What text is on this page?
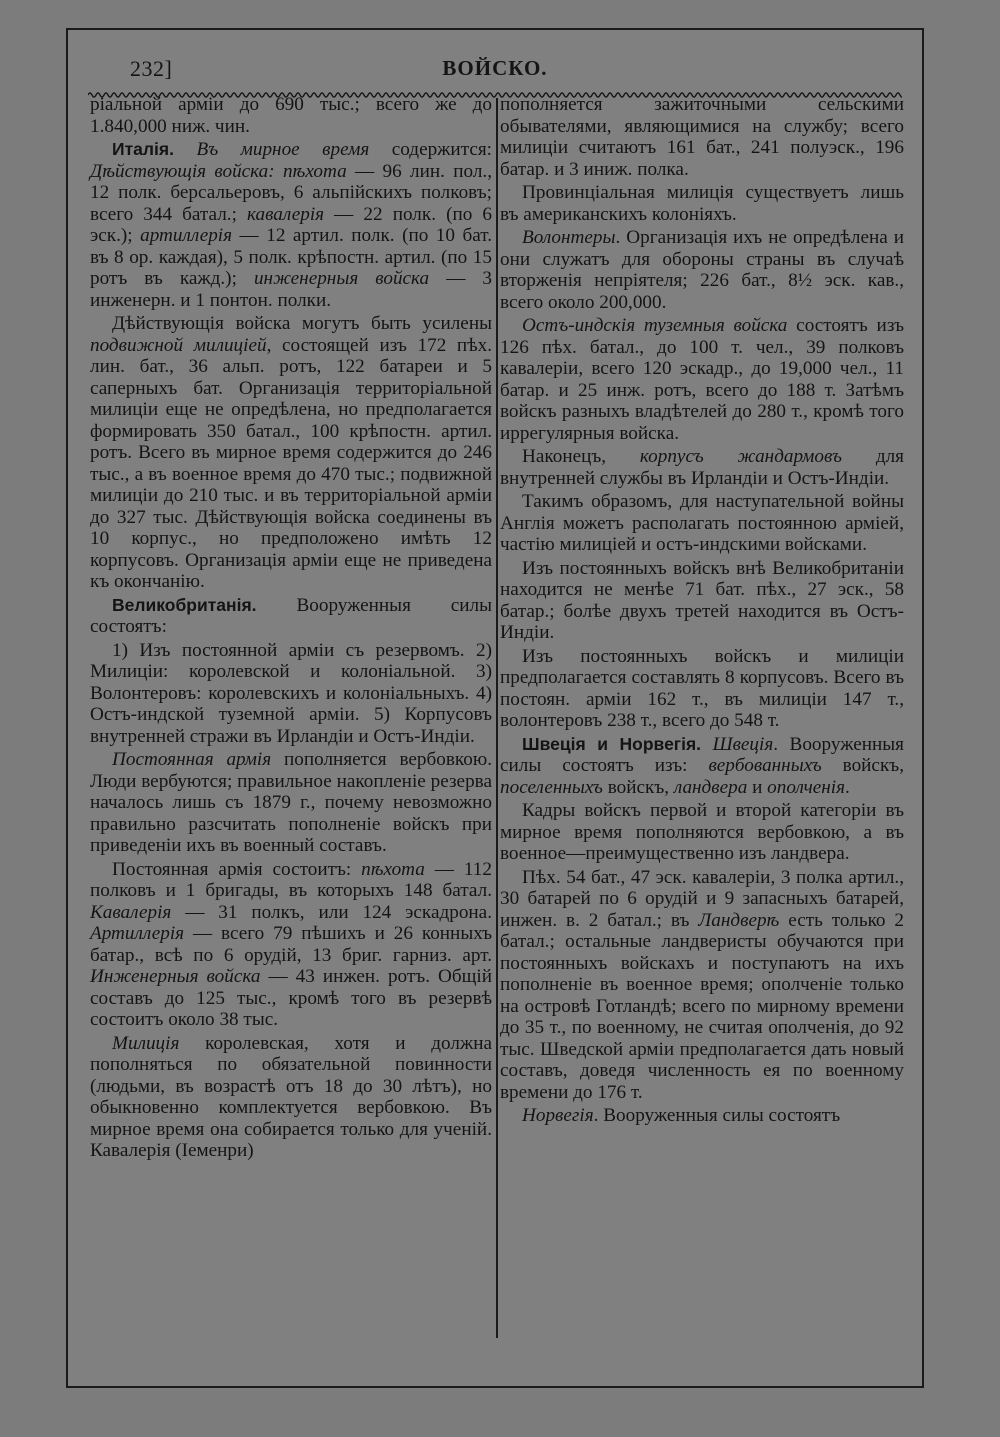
232]	ВОЙСКО.

ріальной арміи до 690 тыс.; всего же до 1.840,000 ниж. чин.

Италія. Въ мирное время содержится: Дѣйствующія войска: пѣхота — 96 лин. пол., 12 полк. берсальеровъ, 6 альпійскихъ полковъ; всего 344 батал.; кавалерія — 22 полк. (по 6 эск.); артиллерія — 12 артил. полк. (по 10 бат. въ 8 ор. каждая), 5 полк. крѣпостн. артил. (по 15 ротъ въ кажд.); инженерныя войска — 3 инженерн. и 1 понтон. полки.

Дѣйствующія войска могутъ быть усилены подвижной милиціей, состоящей изъ 172 пѣх. лин. бат., 36 альп. ротъ, 122 батареи и 5 саперныхъ бат. Организація территоріальной милиціи еще не опредѣлена, но предполагается формировать 350 батал., 100 крѣпостн. артил. ротъ. Всего въ мирное время содержится до 246 тыс., а въ военное время до 470 тыс.; подвижной милиціи до 210 тыс. и въ территоріальной арміи до 327 тыс. Дѣйствующія войска соединены въ 10 корпус., но предположено имѣть 12 корпусовъ. Организація арміи еще не приведена къ окончанію.

Великобританія. Вооруженныя силы состоятъ:

1) Изъ постоянной арміи съ резервомъ. 2) Милиціи: королевской и колоніальной. 3) Волонтеровъ: королевскихъ и колоніальныхъ. 4) Остъ-индской туземной арміи. 5) Корпусовъ внутренней стражи въ Ирландіи и Остъ-Индіи.

Постоянная армія пополняется вербовкою. Люди вербуются; правильное накопленіе резерва началось лишь съ 1879 г., почему невозможно правильно разсчитать пополненіе войскъ при приведеніи ихъ въ военный составъ.

Постоянная армія состоитъ: пѣхота — 112 полковъ и 1 бригады, въ которыхъ 148 батал. Кавалерія — 31 полкъ, или 124 эскадрона. Артиллерія — всего 79 пѣшихъ и 26 конныхъ батар., всѣ по 6 орудій, 13 бриг. гарниз. арт. Инженерныя войска — 43 инжен. ротъ. Общій составъ до 125 тыс., кромѣ того въ резервѣ состоитъ около 38 тыс.

Милиція королевская, хотя и должна пополняться по обязательной повинности (людьми, въ возрастѣ отъ 18 до 30 лѣтъ), но обыкновенно комплектуется вербовкою. Въ мирное время она собирается только для ученій. Кавалерія (Іеменри)

пополняется зажиточными сельскими обывателями, являющимися на службу; всего милиціи считаютъ 161 бат., 241 полуэск., 196 батар. и 3 иниж. полка.

Провинціальная милиція существуетъ лишь въ американскихъ колоніяхъ.

Волонтеры. Организація ихъ не опредѣлена и они служатъ для обороны страны въ случаѣ вторженія непріятеля; 226 бат., 8½ эск. кав., всего около 200,000.

Остъ-индскія туземныя войска состоятъ изъ 126 пѣх. батал., до 100 т. чел., 39 полковъ кавалеріи, всего 120 эскадр., до 19,000 чел., 11 батар. и 25 инж. ротъ, всего до 188 т. Затѣмъ войскъ разныхъ владѣтелей до 280 т., кромѣ того иррегулярныя войска.

Наконецъ, корпусъ жандармовъ для внутренней службы въ Ирландіи и Остъ-Индіи.

Такимъ образомъ, для наступательной войны Англія можетъ располагать постоянною арміей, частію милиціей и остъ-индскими войсками.

Изъ постоянныхъ войскъ внѣ Великобританіи находится не менѣе 71 бат. пѣх., 27 эск., 58 батар.; болѣе двухъ третей находится въ Остъ-Индіи.

Изъ постоянныхъ войскъ и милиціи предполагается составлять 8 корпусовъ. Всего въ постоян. арміи 162 т., въ милиціи 147 т., волонтеровъ 238 т., всего до 548 т.

Швеція и Норвегія. Швеція. Вооруженныя силы состоятъ изъ: вербованныхъ войскъ, поселенныхъ войскъ, ландвера и ополченія.

Кадры войскъ первой и второй категоріи въ мирное время пополняются вербовкою, а въ военное—преимущественно изъ ландвера.

Пѣх. 54 бат., 47 эск. кавалеріи, 3 полка артил., 30 батарей по 6 орудій и 9 запасныхъ батарей, инжен. в. 2 батал.; въ Ландверѣ есть только 2 батал.; остальные ландверисты обучаются при постоянныхъ войскахъ и поступаютъ на ихъ пополненіе въ военное время; ополченіе только на островѣ Готландѣ; всего по мирному времени до 35 т., по военному, не считая ополченія, до 92 тыс. Шведской арміи предполагается дать новый составъ, доведя численность ея по военному времени до 176 т.

Норвегія. Вооруженныя силы состоятъ
